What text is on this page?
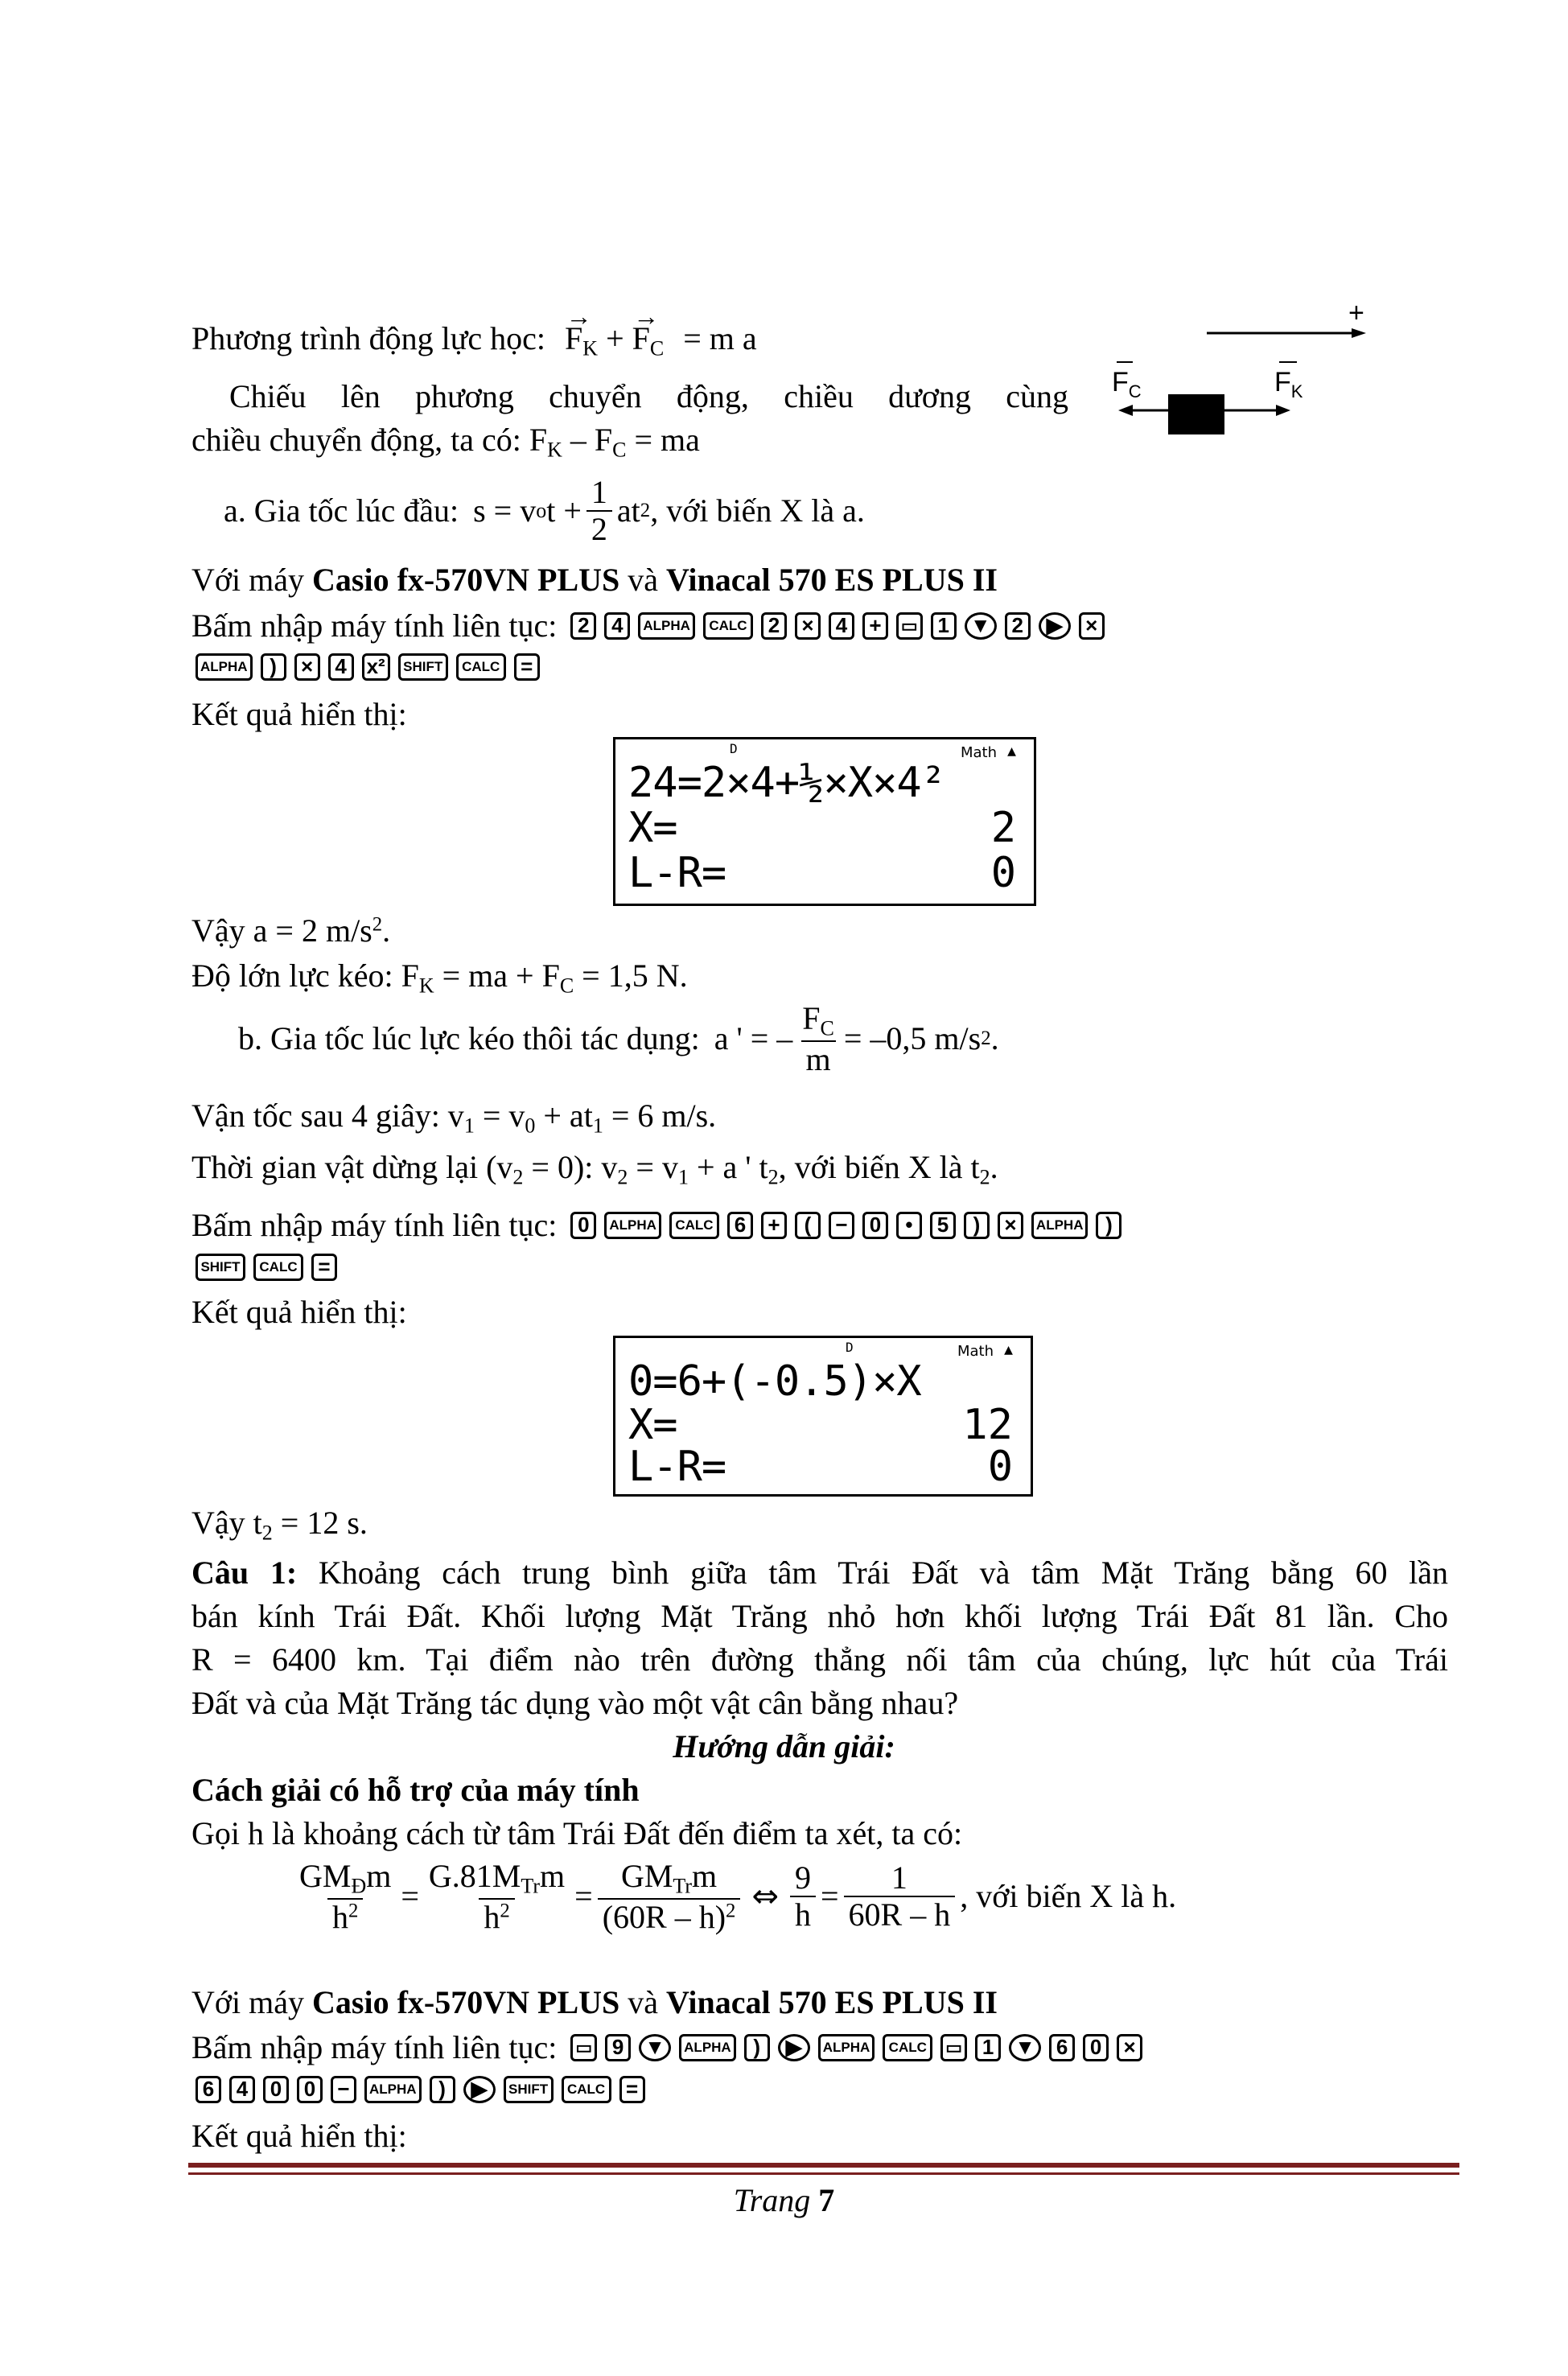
Phương trình động lực học: → $F_K$ + → $F_C = m$ a
Chiếu lên phương chuyển động, chiều dương cùng
chiều chuyển động, ta có: $F_K - F_C$ = ma
+
$F_C$	$F_K$
a. Gia tốc lúc đầu: s = v o $t + \frac{1}{2}$ at 2 , với biến X là a.
Với máy Casio fx-570VN PLUS và Vinacal 570 ES PLUS II
Bấm nhập máy tính liên tục: 2	4	ALPHA	CALC	2	×	4	+	▭ 1 ▼ 2	▶	×
ALPHA	)	×	4 x²	SHIFT	CALC =
Kết quả hiển thị:
D	Math ▲
24=2×4+½×X×4²
X=	2
L-R=	0
Vậy a = 2 $m/s^2$.
Độ lớn lực kéo: $F_K$ = ma + $F_C = 1,5$ N.
b. Gia tốc lúc lực kéo thôi tác dụng: a ' = – $\frac{F_C}{m} = -0,5$ m/s 2 .
Vận tốc sau 4 giây: $v_1 = v_0 + at_1 = 6$ m/s.
Thời gian vật dừng lại $(v_2 = 0)$: $v_2 = v_1 + a$ ' $t_2$, với biến X là $t_2$.
Bấm nhập máy tính liên tục: 0	ALPHA	CALC	6	+	(	−	0	•	5	)	×	ALPHA	)
SHIFT	CALC =
Kết quả hiển thị:
D	Math ▲
0=6+(-0.5)×X
X=	12
L-R=	0
Vậy $t_2 = 12$ s.
Câu 1: Khoảng cách trung bình giữa tâm Trái Đất và tâm Mặt Trăng bằng 60 lần
bán kính Trái Đất. Khối lượng Mặt Trăng nhỏ hơn khối lượng Trái Đất 81 lần. Cho
R = 6400 km. Tại điểm nào trên đường thẳng nối tâm của chúng, lực hút của Trái
Đất và của Mặt Trăng tác dụng vào một vật cân bằng nhau?
Hướng dẫn giải:
Cách giải có hỗ trợ của máy tính
Gọi h là khoảng cách từ tâm Trái Đất đến điểm ta xét, ta có:
$\frac{GM_Đm}{h^2} = \frac{G.81M_{Tr}m}{h^2} = \frac{GM_{Tr}m}{(60R - h)^2}$ ⇔ $\frac{9}{h} = \frac{1}{60R - h}$ , với biến X là h.
Với máy Casio fx-570VN PLUS và Vinacal 570 ES PLUS II
Bấm nhập máy tính liên tục: ▭ 9 ▼	ALPHA	)	▶	ALPHA	CALC	▭ 1 ▼ 6	0	×
6	4	0	0	−	ALPHA	)	▶	SHIFT	CALC =
Kết quả hiển thị:
Trang 7
